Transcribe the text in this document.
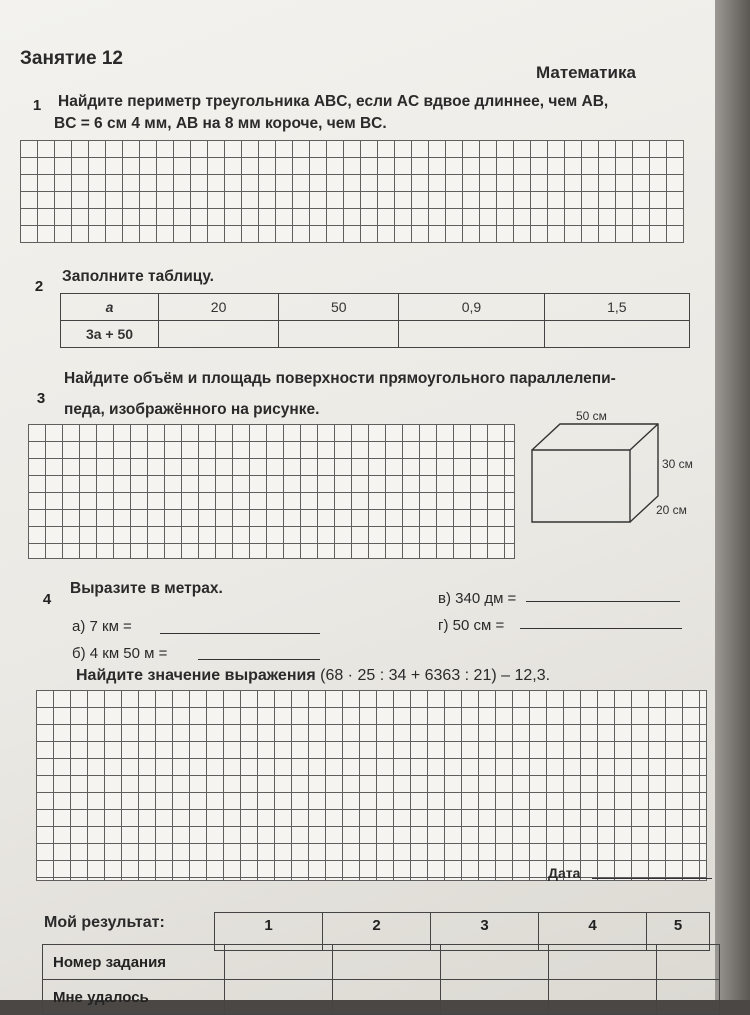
Занятие 12
Математика
1	Найдите периметр треугольника ABC, если AC вдвое длиннее, чем AB,
BC = 6 см 4 мм, AB на 8 мм короче, чем BC.
2
Заполните таблицу.
a	20	50	0,9	1,5
3a + 50				
3
Найдите объём и площадь поверхности прямоугольного параллелепи-
педа, изображённого на рисунке.	50 см
30 см
20 см
4
Выразите в метрах.
а) 7 км =
б) 4 км 50 м =
в) 340 дм =
г) 50 см =
Найдите значение выражения (68 · 25 : 34 + 6363 : 21) – 12,3.
Дата
Мой результат:
		1	2	3	4	5
Номер задания					
Мне удалось					
